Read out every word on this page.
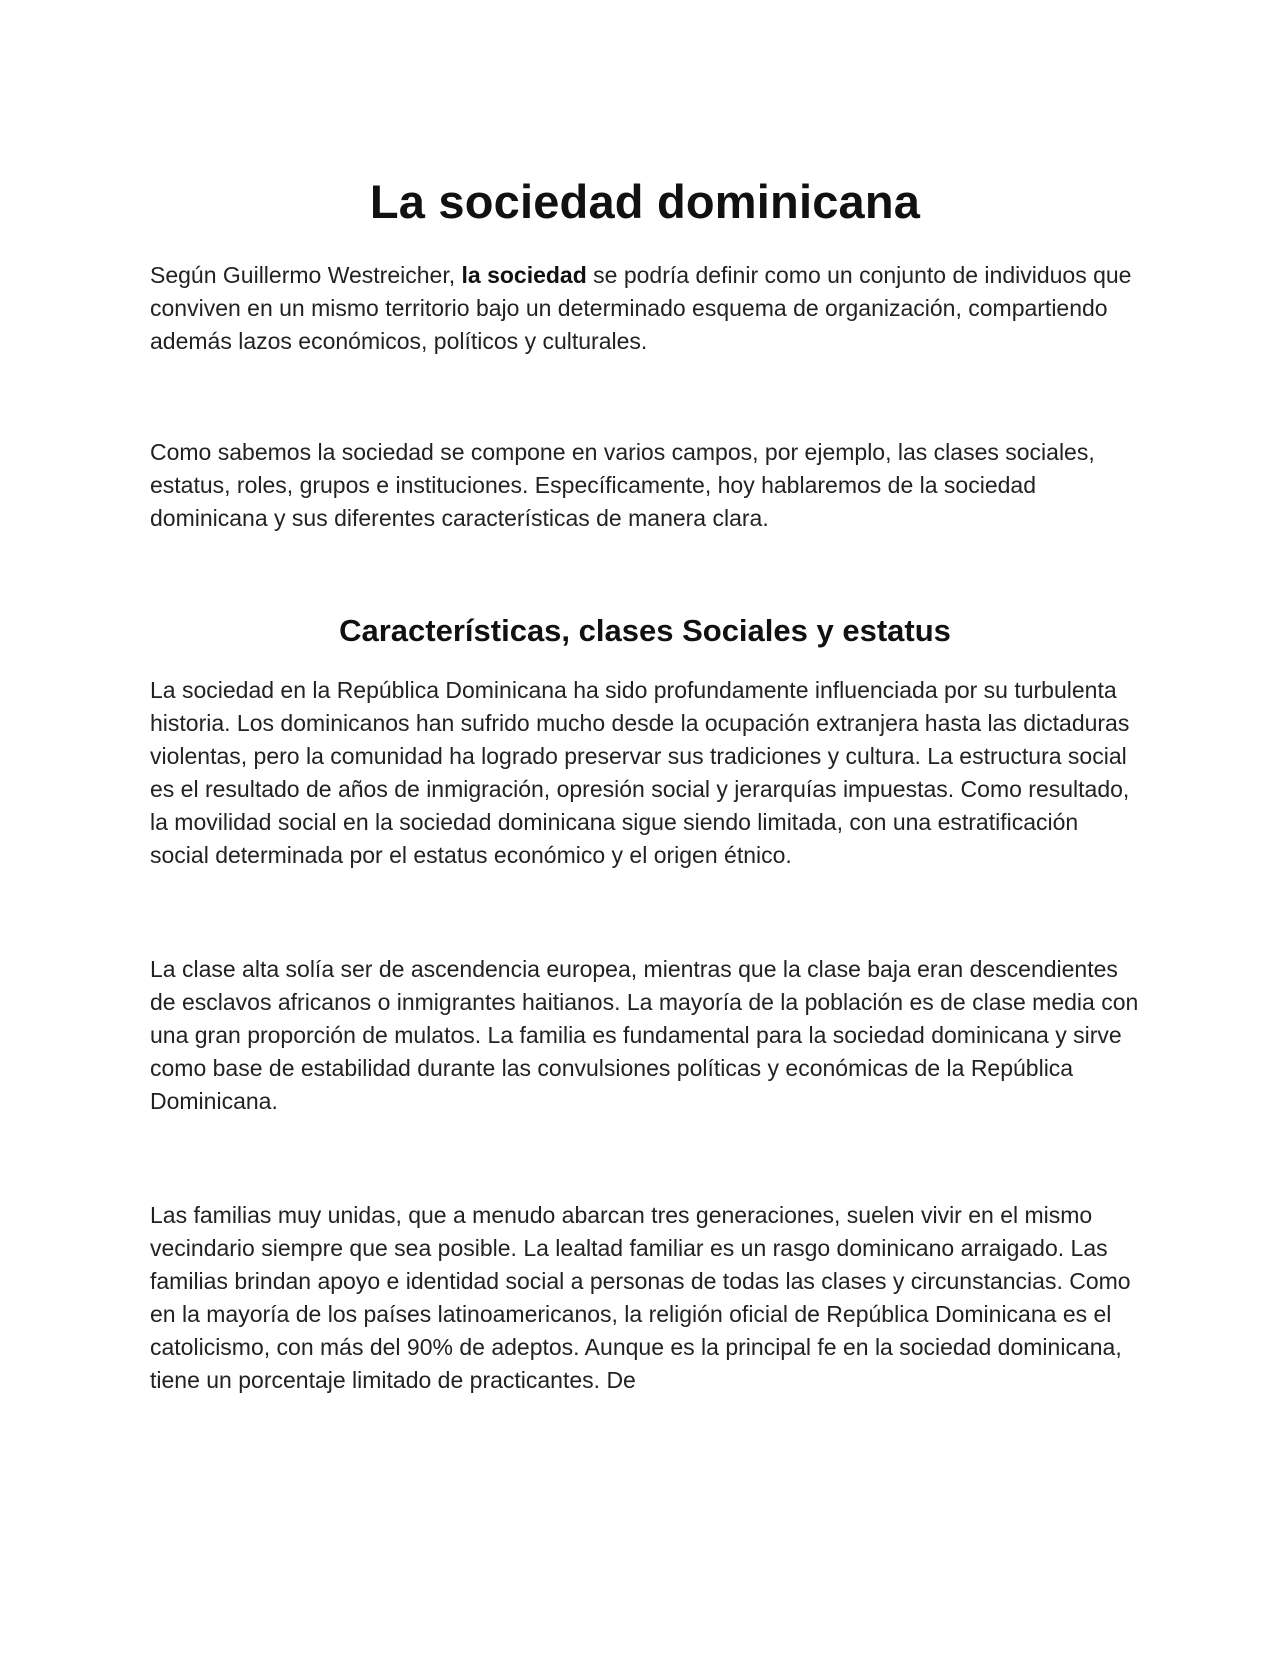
La sociedad dominicana

Según Guillermo Westreicher, la sociedad se podría definir como un conjunto de individuos que conviven en un mismo territorio bajo un determinado esquema de organización, compartiendo además lazos económicos, políticos y culturales.

Como sabemos la sociedad se compone en varios campos, por ejemplo, las clases sociales, estatus, roles, grupos e instituciones. Específicamente, hoy hablaremos de la sociedad dominicana y sus diferentes características de manera clara.

Características, clases Sociales y estatus

La sociedad en la República Dominicana ha sido profundamente influenciada por su turbulenta historia. Los dominicanos han sufrido mucho desde la ocupación extranjera hasta las dictaduras violentas, pero la comunidad ha logrado preservar sus tradiciones y cultura. La estructura social es el resultado de años de inmigración, opresión social y jerarquías impuestas. Como resultado, la movilidad social en la sociedad dominicana sigue siendo limitada, con una estratificación social determinada por el estatus económico y el origen étnico.

La clase alta solía ser de ascendencia europea, mientras que la clase baja eran descendientes de esclavos africanos o inmigrantes haitianos. La mayoría de la población es de clase media con una gran proporción de mulatos. La familia es fundamental para la sociedad dominicana y sirve como base de estabilidad durante las convulsiones políticas y económicas de la República Dominicana.

Las familias muy unidas, que a menudo abarcan tres generaciones, suelen vivir en el mismo vecindario siempre que sea posible. La lealtad familiar es un rasgo dominicano arraigado. Las familias brindan apoyo e identidad social a personas de todas las clases y circunstancias. Como en la mayoría de los países latinoamericanos, la religión oficial de República Dominicana es el catolicismo, con más del 90% de adeptos. Aunque es la principal fe en la sociedad dominicana, tiene un porcentaje limitado de practicantes. De
